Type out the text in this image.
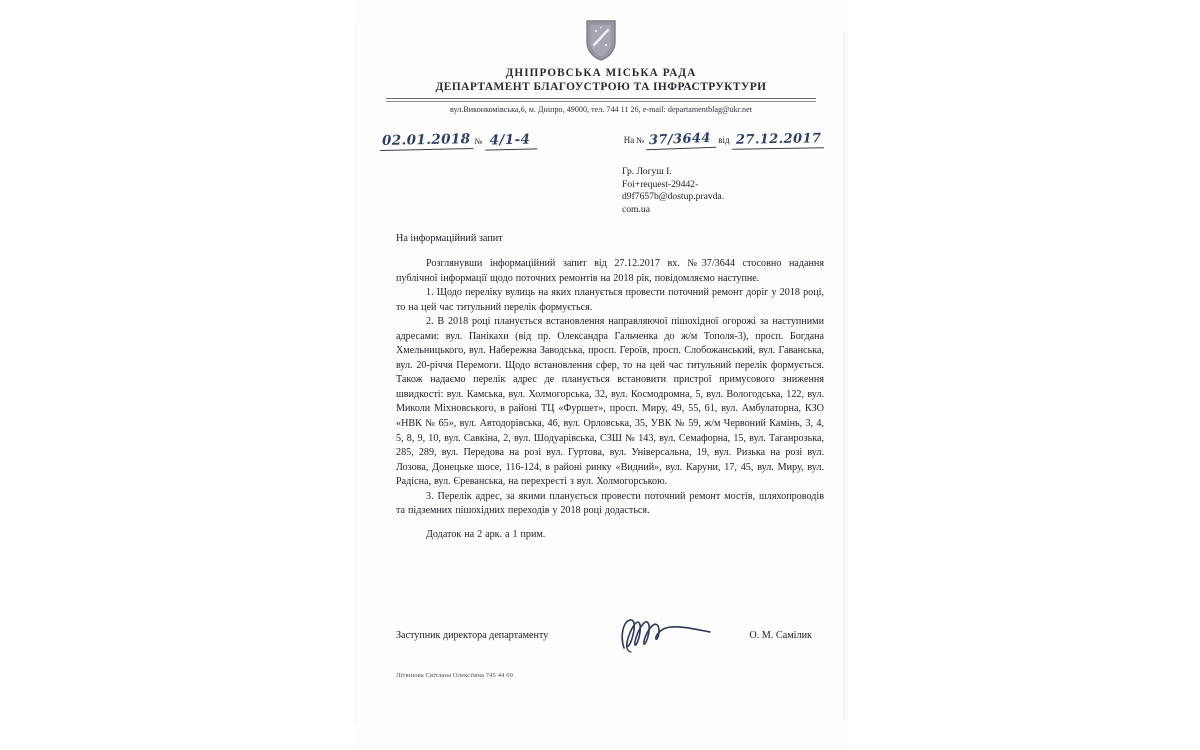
ДНІПРОВСЬКА МІСЬКА РАДА
ДЕПАРТАМЕНТ БЛАГОУСТРОЮ ТА ІНФРАСТРУКТУРИ
вул.Виконкомівська,6, м. Дніпро, 49000, тел. 744 11 26, e-mail: departamentblag@ukr.net
02.01.2018 № 4/1-4	На № 37/3644 від 27.12.2017
Гр. Логуш І.
Foi+request-29442-
d9f7657b@dostup.pravda.
com.ua
На інформаційний запит

Розглянувши інформаційний запит від 27.12.2017 вх. №37/3644 стосовно надання публічної інформації щодо поточних ремонтів на 2018 рік, повідомляємо наступне.

1. Щодо переліку вулиць на яких планується провести поточний ремонт доріг у 2018 році, то на цей час титульний перелік формується.

2. В 2018 році планується встановлення направляючої пішохідної огорожі за наступними адресами: вул. Панікахи (від пр. Олександра Гальченка до ж/м Тополя-3), просп. Богдана Хмельницького, вул. Набережна Заводська, просп. Героїв, просп. Слобожанський, вул. Гаванська, вул. 20-річчя Перемоги. Щодо встановлення сфер, то на цей час титульний перелік формується. Також надаємо перелік адрес де планується встановити пристрої примусового зниження швидкості: вул. Камська, вул. Холмогорська, 32, вул. Космодромна, 5, вул. Вологодська, 122, вул. Миколи Міхновського, в районі ТЦ «Фуршет», просп. Миру, 49, 55, 61, вул. Амбулаторна, КЗО «НВК № 65», вул. Автодорівська, 46, вул. Орловська, 35, УВК № 59, ж/м Червоний Камінь, 3, 4, 5, 8, 9, 10, вул. Савкіна, 2, вул. Шодуарівська, СЗШ № 143, вул. Семафорна, 15, вул. Таганрозька, 285, 289, вул. Передова на розі вул. Гуртова, вул. Універсальна, 19, вул. Ризька на розі вул. Лозова, Донецьке шосе, 116-124, в районі ринку «Видний», вул. Каруни, 17, 45, вул. Миру, вул. Радісна, вул. Єреванська, на перехресті з вул. Холмогорською.

3. Перелік адрес, за якими планується провести поточний ремонт мостів, шляхопроводів та підземних пішохідних переходів у 2018 році додасться.

Додаток на 2 арк. а 1 прим.

Заступник директора департаменту	О. М. Самілик
Літвінова Світлана Олексіївна 745 44 69
